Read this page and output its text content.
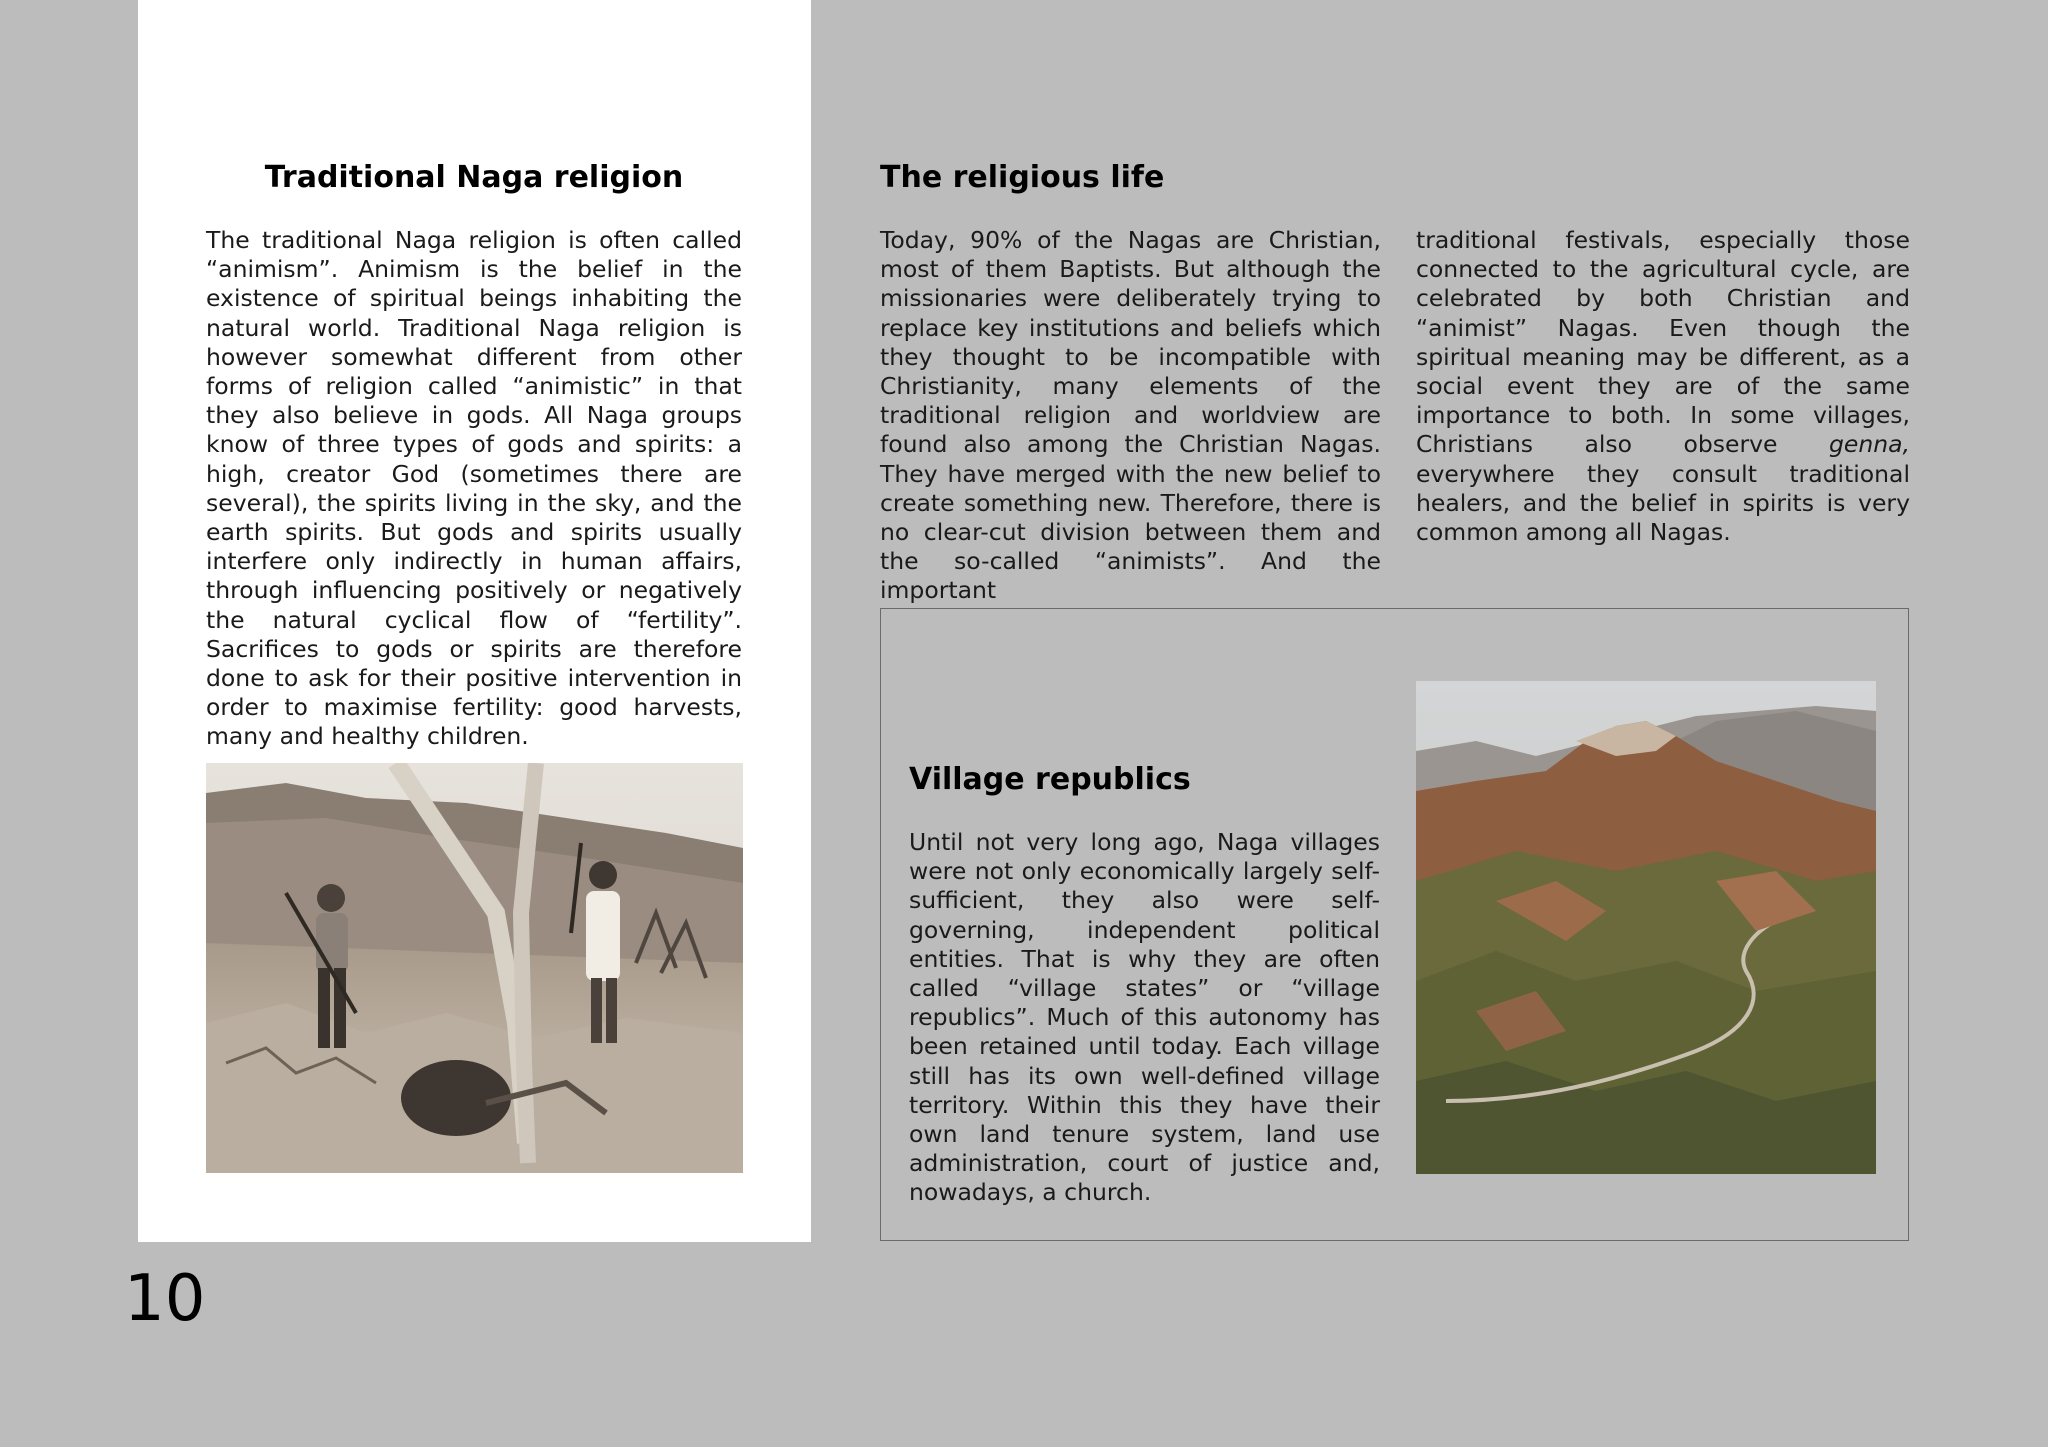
Traditional Naga religion

The traditional Naga religion is often called “animism”. Animism is the belief in the existence of spiritual beings inhabiting the natural world. Traditional Naga religion is however somewhat different from other forms of religion called “animistic” in that they also believe in gods. All Naga groups know of three types of gods and spirits: a high, creator God (sometimes there are several), the spirits living in the sky, and the earth spirits. But gods and spirits usually interfere only indirectly in human affairs, through influencing positively or negatively the natural cyclical flow of “fertility”. Sacrifices to gods or spirits are therefore done to ask for their positive intervention in order to maximise fertility: good harvests, many and healthy children.

The religious life

Today, 90% of the Nagas are Christian, most of them Baptists. But although the missionaries were deliberately trying to replace key institutions and beliefs which they thought to be incompatible with Christianity, many elements of the traditional religion and worldview are found also among the Christian Nagas. They have merged with the new belief to create something new. Therefore, there is no clear-cut division between them and the so-called “animists”. And the important

traditional festivals, especially those connected to the agricultural cycle, are celebrated by both Christian and “animist” Nagas. Even though the spiritual meaning may be different, as a social event they are of the same importance to both. In some villages, Christians also observe genna, everywhere they consult traditional healers, and the belief in spirits is very common among all Nagas.

Village republics

Until not very long ago, Naga villages were not only economically largely self-sufficient, they also were self-governing, independent political entities. That is why they are often called “village states” or “village republics”. Much of this autonomy has been retained until today. Each village still has its own well-defined village territory. Within this they have their own land tenure system, land use administration, court of justice and, nowadays, a church.

10
